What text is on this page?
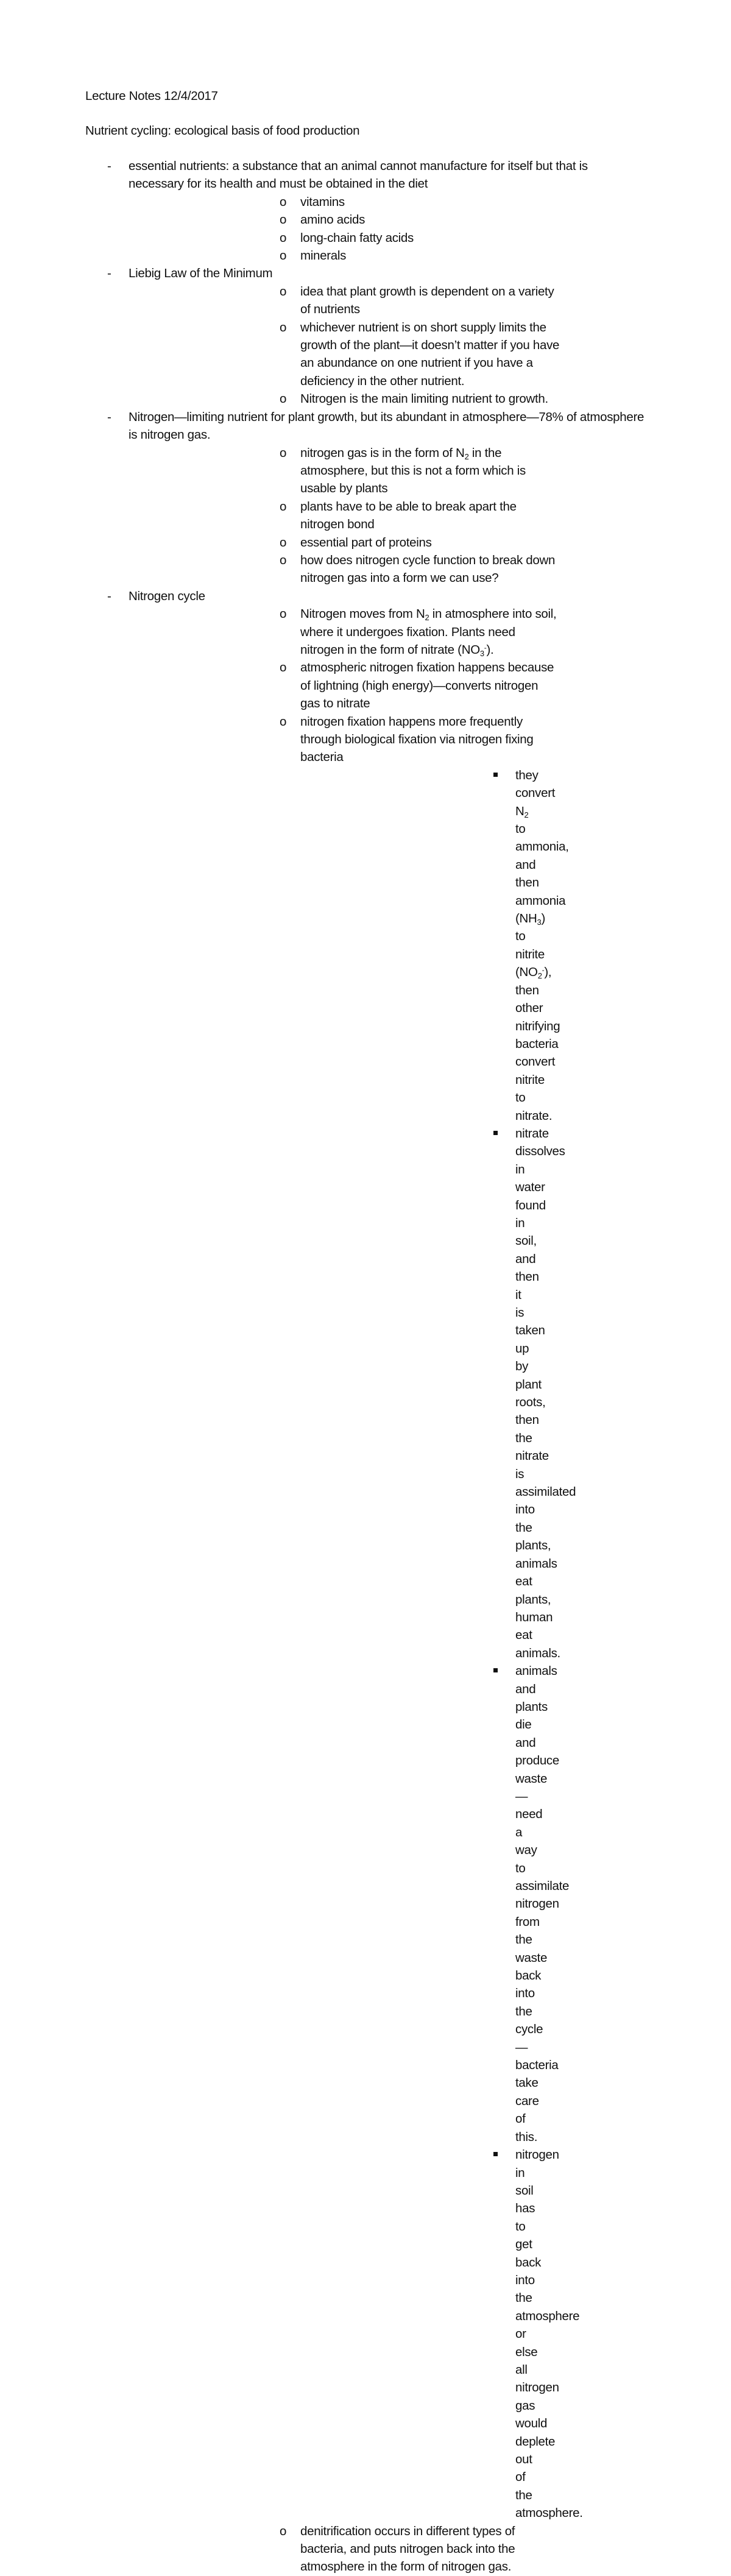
Lecture Notes 12/4/2017

Nutrient cycling: ecological basis of food production

- essential nutrients: a substance that an animal cannot manufacture for itself but that is necessary for its health and must be obtained in the diet
o vitamins
o amino acids
o long-chain fatty acids
o minerals
- Liebig Law of the Minimum
o idea that plant growth is dependent on a variety of nutrients
o whichever nutrient is on short supply limits the growth of the plant—it doesn’t matter if you have an abundance on one nutrient if you have a deficiency in the other nutrient.
o Nitrogen is the main limiting nutrient to growth.
- Nitrogen—limiting nutrient for plant growth, but its abundant in atmosphere—78% of atmosphere is nitrogen gas.
o nitrogen gas is in the form of $N_2$ in the atmosphere, but this is not a form which is usable by plants
o plants have to be able to break apart the nitrogen bond
o essential part of proteins
o how does nitrogen cycle function to break down nitrogen gas into a form we can use?
- Nitrogen cycle
o Nitrogen moves from $N_2$ in atmosphere into soil, where it undergoes fixation. Plants need nitrogen in the form of nitrate $(NO_3^-)$.
o atmospheric nitrogen fixation happens because of lightning (high energy)—converts nitrogen gas to nitrate
o nitrogen fixation happens more frequently through biological fixation via nitrogen fixing bacteria
they convert $N_2$ to ammonia, and then ammonia $(NH_3)$ to nitrite $(NO_2^-)$, then other nitrifying bacteria convert nitrite to nitrate.
nitrate dissolves in water found in soil, and then it is taken up by plant roots, then the nitrate is assimilated into the plants, animals eat plants, human eat animals.
animals and plants die and produce waste—need a way to assimilate nitrogen from the waste back into the cycle—bacteria take care of this.
nitrogen in soil has to get back into the atmosphere or else all nitrogen gas would deplete out of the atmosphere.
o denitrification occurs in different types of bacteria, and puts nitrogen back into the atmosphere in the form of nitrogen gas.
